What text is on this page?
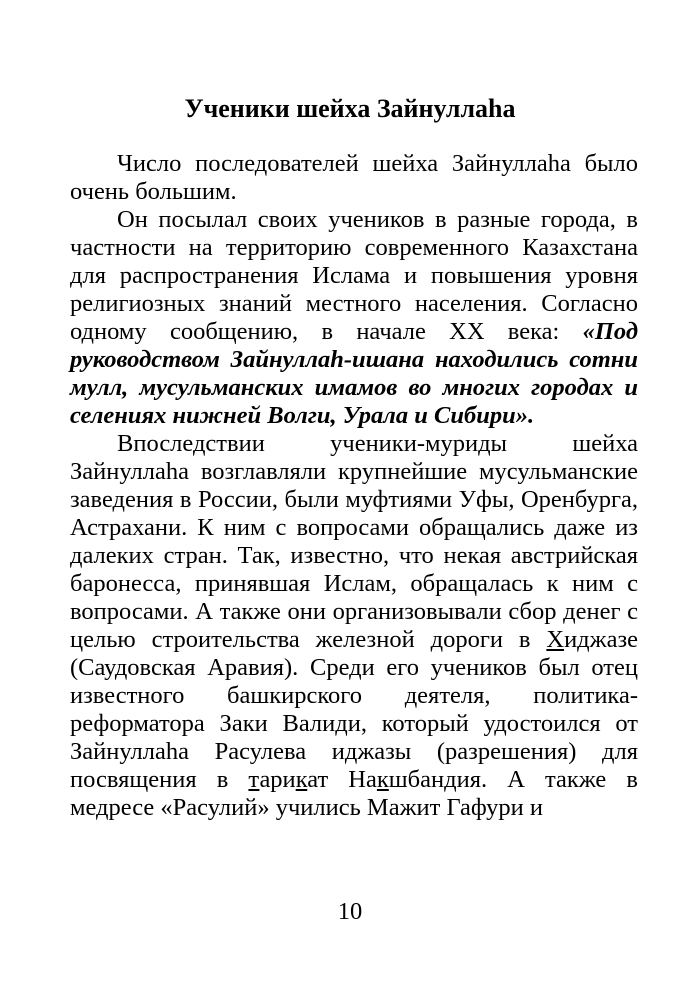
Ученики шейха Зайнуллаһа

Число последователей шейха Зайнуллаһа было очень большим.

Он посылал своих учеников в разные города, в частности на территорию современного Казахстана для распространения Ислама и повышения уровня религиозных знаний местного населения. Согласно одному сообщению, в начале XX века: «Под руководством Зайнуллаһ-ишана находились сотни мулл, мусульманских имамов во многих городах и селениях нижней Волги, Урала и Сибири».

Впоследствии ученики-муриды шейха Зайнуллаһа возглавляли крупнейшие мусульманские заведения в России, были муфтиями Уфы, Оренбурга, Астрахани. К ним с вопросами обращались даже из далеких стран. Так, известно, что некая австрийская баронесса, принявшая Ислам, обращалась к ним с вопросами. А также они организовывали сбор денег с целью строительства железной дороги в Хиджазе (Саудовская Аравия). Среди его учеников был отец известного башкирского деятеля, политика-реформатора Заки Валиди, который удостоился от Зайнуллаһа Расулева иджазы (разрешения) для посвящения в тарикат Накшбандия. А также в медресе «Расулий» учились Мажит Гафури и

10
